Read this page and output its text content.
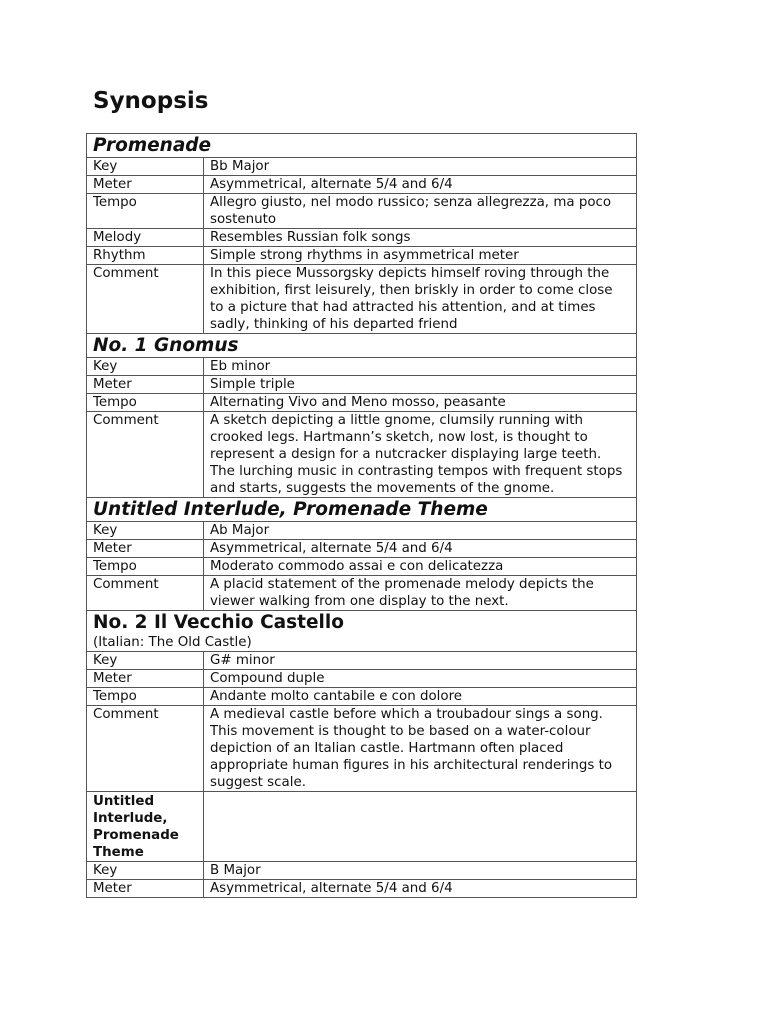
Synopsis
Promenade	

Key	Bb Major
Meter	Asymmetrical, alternate 5/4 and 6/4
Tempo	Allegro giusto, nel modo russico; senza allegrezza, ma poco sostenuto
Melody	Resembles Russian folk songs
Rhythm	Simple strong rhythms in asymmetrical meter
Comment	In this piece Mussorgsky depicts himself roving through the exhibition, first leisurely, then briskly in order to come close to a picture that had attracted his attention, and at times sadly, thinking of his departed friend

No. 1 Gnomus	

Key	Eb minor
Meter	Simple triple
Tempo	Alternating Vivo and Meno mosso, peasante
Comment	A sketch depicting a little gnome, clumsily running with crooked legs. Hartmann’s sketch, now lost, is thought to represent a design for a nutcracker displaying large teeth. The lurching music in contrasting tempos with frequent stops and starts, suggests the movements of the gnome.

Untitled Interlude, Promenade Theme	

Key	Ab Major
Meter	Asymmetrical, alternate 5/4 and 6/4
Tempo	Moderato commodo assai e con delicatezza
Comment	A placid statement of the promenade melody depicts the viewer walking from one display to the next.

No. 2 Il Vecchio Castello
(Italian: The Old Castle)	

Key	G# minor
Meter	Compound duple
Tempo	Andante molto cantabile e con dolore
Comment	A medieval castle before which a troubadour sings a song. This movement is thought to be based on a water-colour depiction of an Italian castle. Hartmann often placed appropriate human figures in his architectural renderings to suggest scale.
Untitled Interlude, Promenade Theme	
Key	B Major
Meter	Asymmetrical, alternate 5/4 and 6/4
